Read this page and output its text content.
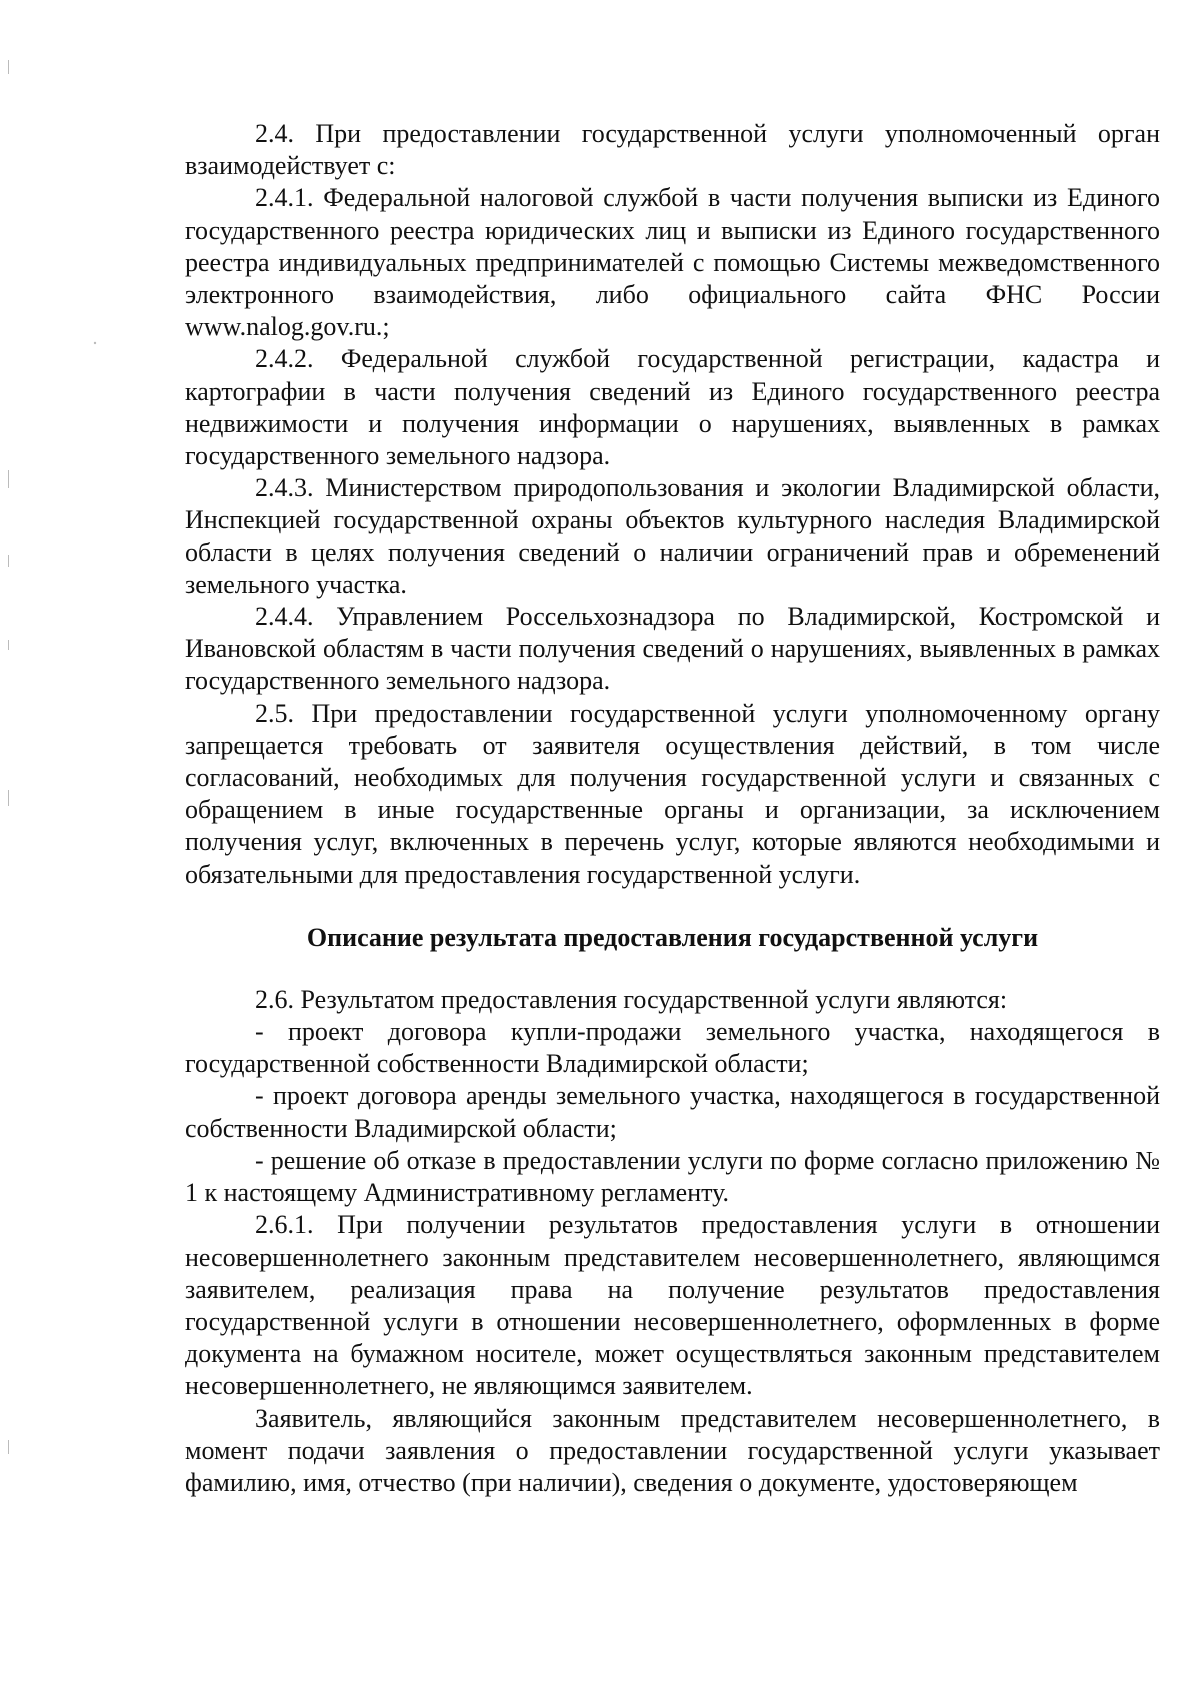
2.4. При предоставлении государственной услуги уполномоченный орган взаимодействует с:

2.4.1. Федеральной налоговой службой в части получения выписки из Единого государственного реестра юридических лиц и выписки из Единого государственного реестра индивидуальных предпринимателей с помощью Системы межведомственного электронного взаимодействия, либо официального сайта ФНС России www.nalog.gov.ru.;

2.4.2. Федеральной службой государственной регистрации, кадастра и картографии в части получения сведений из Единого государственного реестра недвижимости и получения информации о нарушениях, выявленных в рамках государственного земельного надзора.

2.4.3. Министерством природопользования и экологии Владимирской области, Инспекцией государственной охраны объектов культурного наследия Владимирской области в целях получения сведений о наличии ограничений прав и обременений земельного участка.

2.4.4. Управлением Россельхознадзора по Владимирской, Костромской и Ивановской областям в части получения сведений о нарушениях, выявленных в рамках государственного земельного надзора.

2.5. При предоставлении государственной услуги уполномоченному органу запрещается требовать от заявителя осуществления действий, в том числе согласований, необходимых для получения государственной услуги и связанных с обращением в иные государственные органы и организации, за исключением получения услуг, включенных в перечень услуг, которые являются необходимыми и обязательными для предоставления государственной услуги.

Описание результата предоставления государственной услуги

2.6. Результатом предоставления государственной услуги являются:

- проект договора купли-продажи земельного участка, находящегося в государственной собственности Владимирской области;

- проект договора аренды земельного участка, находящегося в государственной собственности Владимирской области;

- решение об отказе в предоставлении услуги по форме согласно приложению № 1 к настоящему Административному регламенту.

2.6.1. При получении результатов предоставления услуги в отношении несовершеннолетнего законным представителем несовершеннолетнего, являющимся заявителем, реализация права на получение результатов предоставления государственной услуги в отношении несовершеннолетнего, оформленных в форме документа на бумажном носителе, может осуществляться законным представителем несовершеннолетнего, не являющимся заявителем.

Заявитель, являющийся законным представителем несовершеннолетнего, в момент подачи заявления о предоставлении государственной услуги указывает фамилию, имя, отчество (при наличии), сведения о документе, удостоверяющем
